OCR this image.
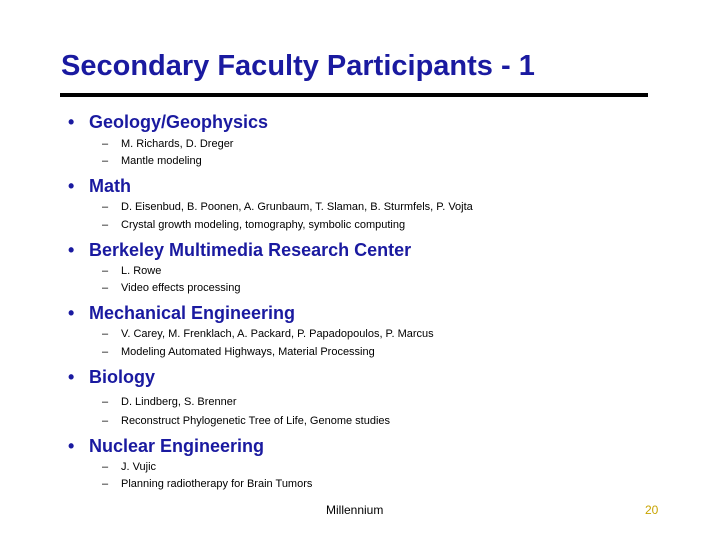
Secondary Faculty Participants - 1
• Geology/Geophysics
– M. Richards, D. Dreger
– Mantle modeling
• Math
– D. Eisenbud, B. Poonen, A. Grunbaum, T. Slaman, B. Sturmfels, P. Vojta
– Crystal growth modeling, tomography, symbolic computing
• Berkeley Multimedia Research Center
– L. Rowe
– Video effects processing
• Mechanical Engineering
– V. Carey, M. Frenklach, A. Packard, P. Papadopoulos, P. Marcus
– Modeling Automated Highways, Material Processing
• Biology
– D. Lindberg, S. Brenner
– Reconstruct Phylogenetic Tree of Life, Genome studies
• Nuclear Engineering
– J. Vujic
– Planning radiotherapy for Brain Tumors
Millennium	20
